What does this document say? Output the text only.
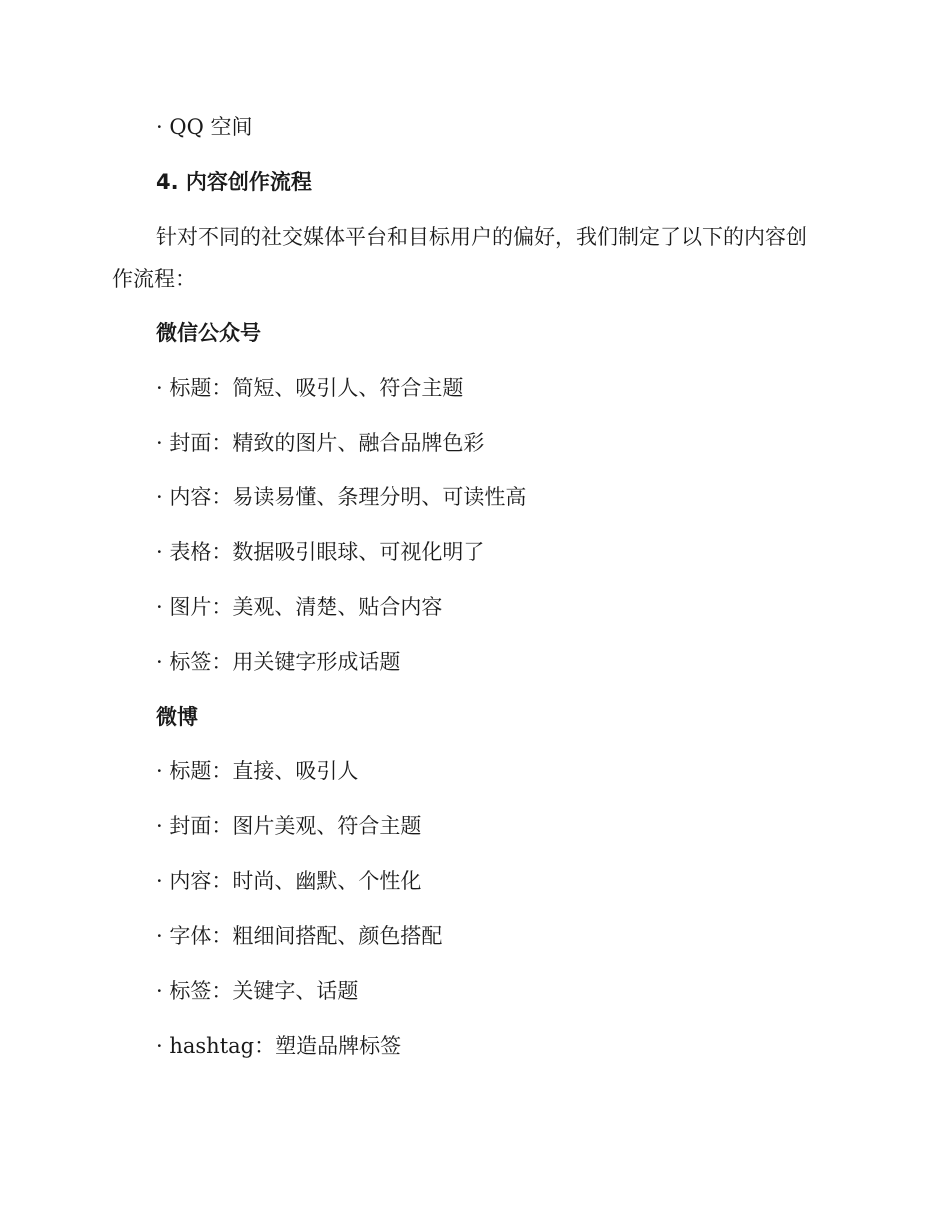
· QQ 空间
4. 内容创作流程
针对不同的社交媒体平台和目标用户的偏好，我们制定了以下的内容创
作流程：
微信公众号
· 标题：简短、吸引人、符合主题
· 封面：精致的图片、融合品牌色彩
· 内容：易读易懂、条理分明、可读性高
· 表格：数据吸引眼球、可视化明了
· 图片：美观、清楚、贴合内容
· 标签：用关键字形成话题
微博
· 标题：直接、吸引人
· 封面：图片美观、符合主题
· 内容：时尚、幽默、个性化
· 字体：粗细间搭配、颜色搭配
· 标签：关键字、话题
· hashtag：塑造品牌标签
